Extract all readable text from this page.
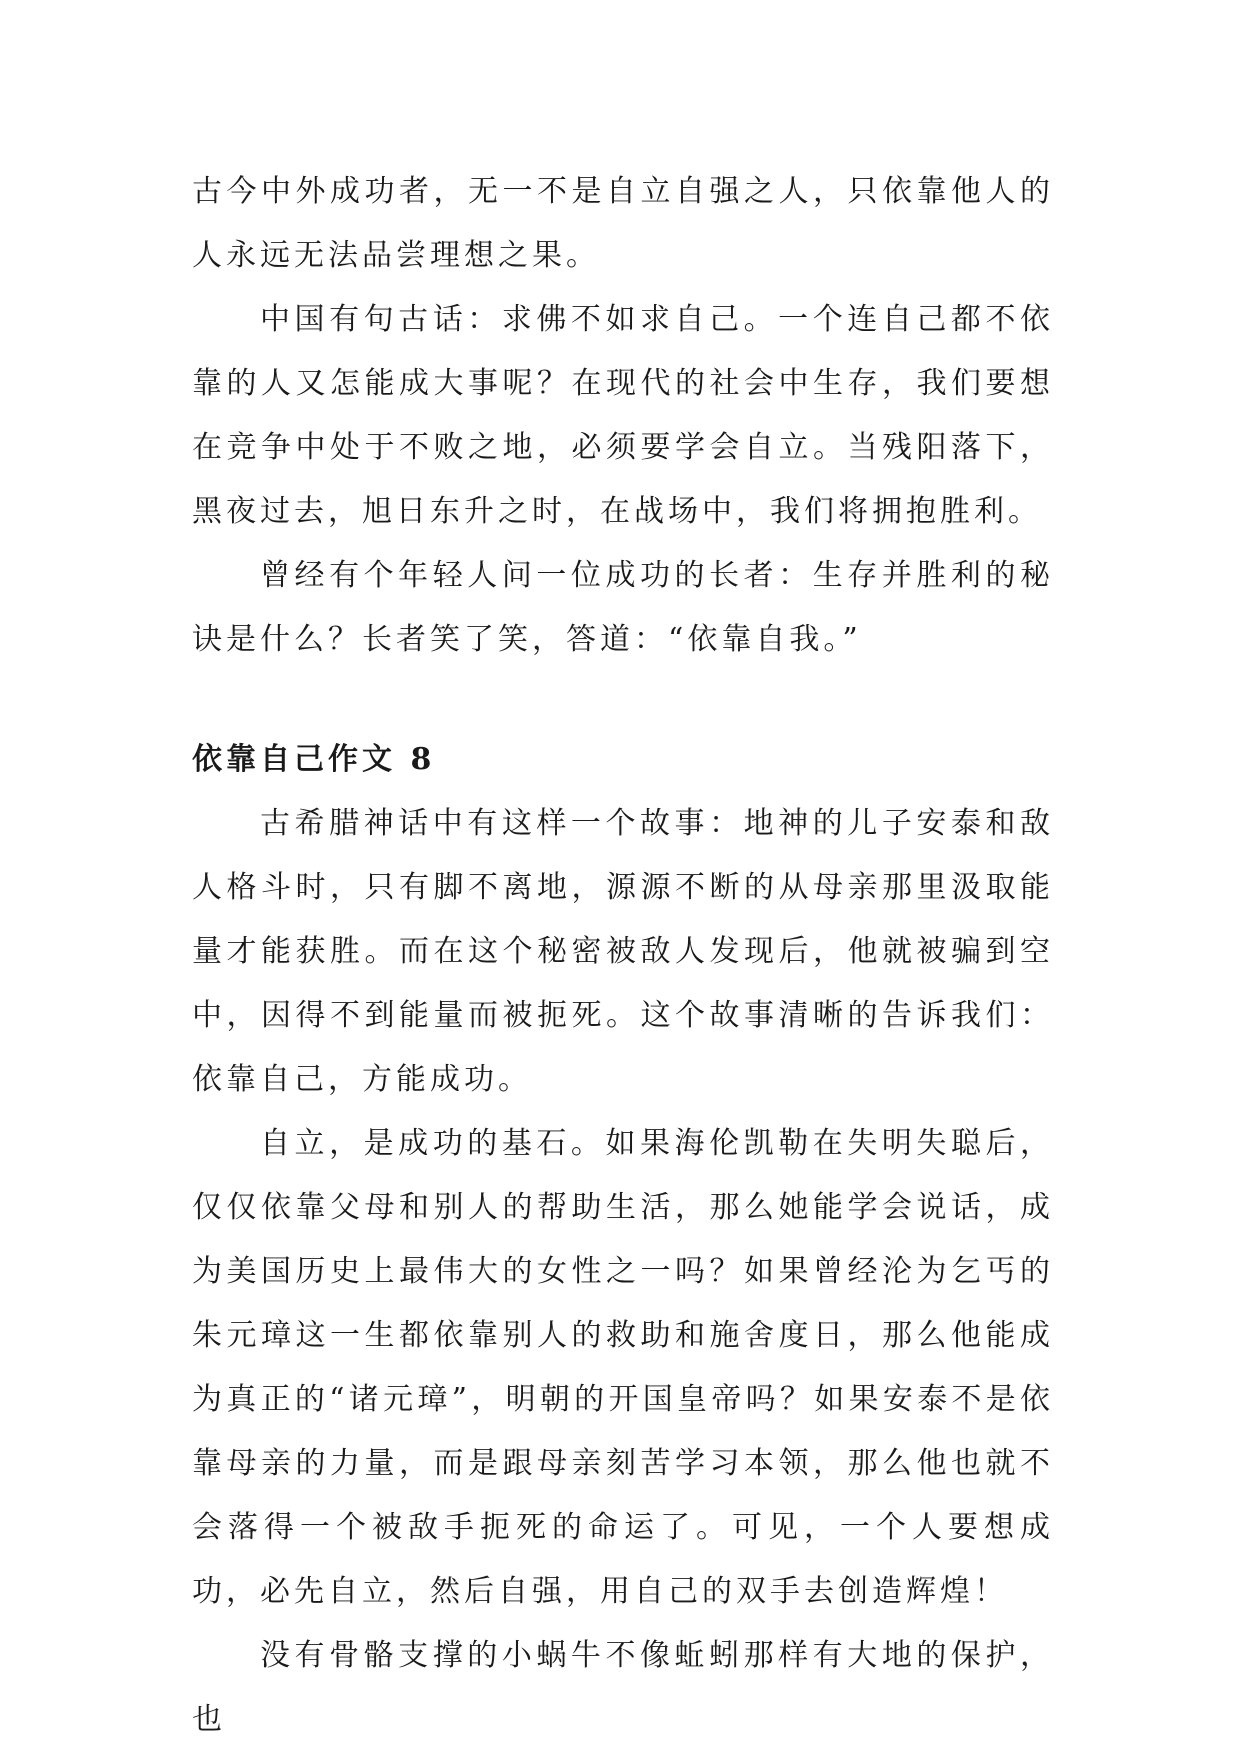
古今中外成功者，无一不是自立自强之人，只依靠他人的人永远无法品尝理想之果。

中国有句古话：求佛不如求自己。一个连自己都不依靠的人又怎能成大事呢？在现代的社会中生存，我们要想在竞争中处于不败之地，必须要学会自立。当残阳落下，黑夜过去，旭日东升之时，在战场中，我们将拥抱胜利。

曾经有个年轻人问一位成功的长者：生存并胜利的秘诀是什么？长者笑了笑，答道：“依靠自我。”

依靠自己作文 8

古希腊神话中有这样一个故事：地神的儿子安泰和敌人格斗时，只有脚不离地，源源不断的从母亲那里汲取能量才能获胜。而在这个秘密被敌人发现后，他就被骗到空中，因得不到能量而被扼死。这个故事清晰的告诉我们：依靠自己，方能成功。

自立，是成功的基石。如果海伦凯勒在失明失聪后，仅仅依靠父母和别人的帮助生活，那么她能学会说话，成为美国历史上最伟大的女性之一吗？如果曾经沦为乞丐的朱元璋这一生都依靠别人的救助和施舍度日，那么他能成为真正的“诸元璋”，明朝的开国皇帝吗？如果安泰不是依靠母亲的力量，而是跟母亲刻苦学习本领，那么他也就不会落得一个被敌手扼死的命运了。可见，一个人要想成功，必先自立，然后自强，用自己的双手去创造辉煌！

没有骨骼支撑的小蜗牛不像蚯蚓那样有大地的保护，也
